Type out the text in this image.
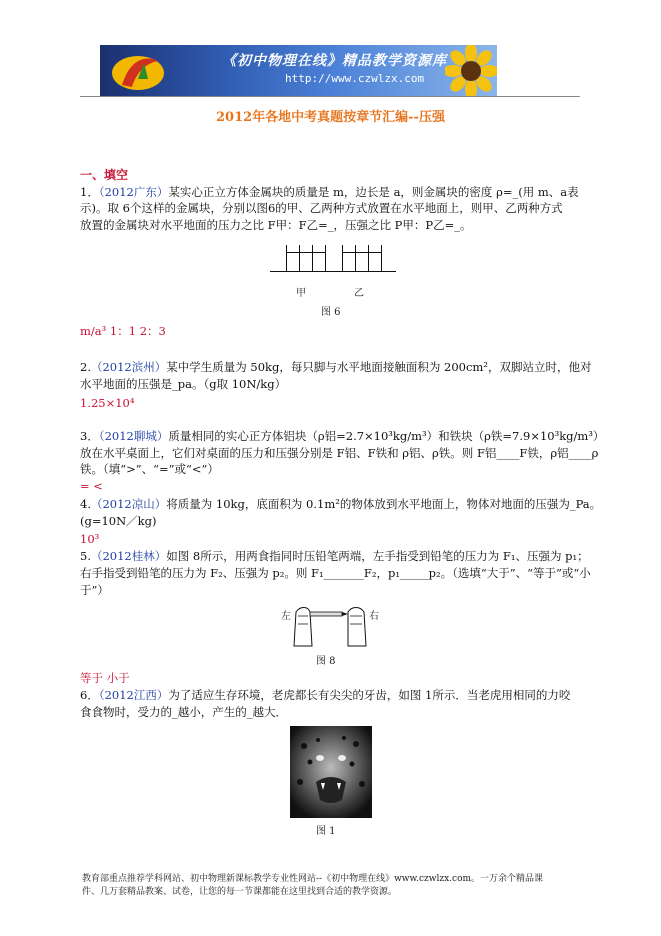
《初中物理在线》精品教学资源库
http://www.czwlzx.com
2012年各地中考真题按章节汇编--压强
一、填空
1．（2012广东）某实心正立方体金属块的质量是 m，边长是 a，则金属块的密度 ρ=_(用 m、a表
示)。取 6个这样的金属块，分别以图6的甲、乙两种方式放置在水平地面上，则甲、乙两种方式
放置的金属块对水平地面的压力之比 F甲：F乙=_，压强之比 P甲：P乙=_。
甲	乙
图 6
m/a³ 1：1 2：3
2.（2012滨州）某中学生质量为 50kg，每只脚与水平地面接触面积为 200cm²，双脚站立时，他对
水平地面的压强是_pa。（g取 10N/kg）
1.25×10⁴
3．（2012聊城）质量相同的实心正方体铝块（ρ铝=2.7×10³kg/m³）和铁块（ρ铁=7.9×10³kg/m³）
放在水平桌面上，它们对桌面的压力和压强分别是 F铝、F铁和 ρ铝、ρ铁。则 F铝____F铁，ρ铝____ρ
铁。（填“>”、“=”或“<”）
= <
4.（2012凉山）将质量为 10kg，底面积为 0.1m²的物体放到水平地面上，物体对地面的压强为_Pa。
(g=10N／kg)
10³
5.（2012桂林）如图 8所示，用两食指同时压铅笔两端，左手指受到铅笔的压力为 F₁、压强为 p₁；
右手指受到铅笔的压力为 F₂、压强为 p₂。则 F₁_______F₂，p₁_____p₂。（选填“大于”、“等于”或“小
于”）
左	右
图 8
等于 小于
6．（2012江西）为了适应生存环境，老虎都长有尖尖的牙齿，如图 1所示．当老虎用相同的力咬
食食物时，受力的_越小，产生的_越大．
图 1
教育部重点推荐学科网站、初中物理新课标教学专业性网站--《初中物理在线》www.czwlzx.com。一万余个精品课
件、几万套精品教案、试卷，让您的每一节课都能在这里找到合适的教学资源。
